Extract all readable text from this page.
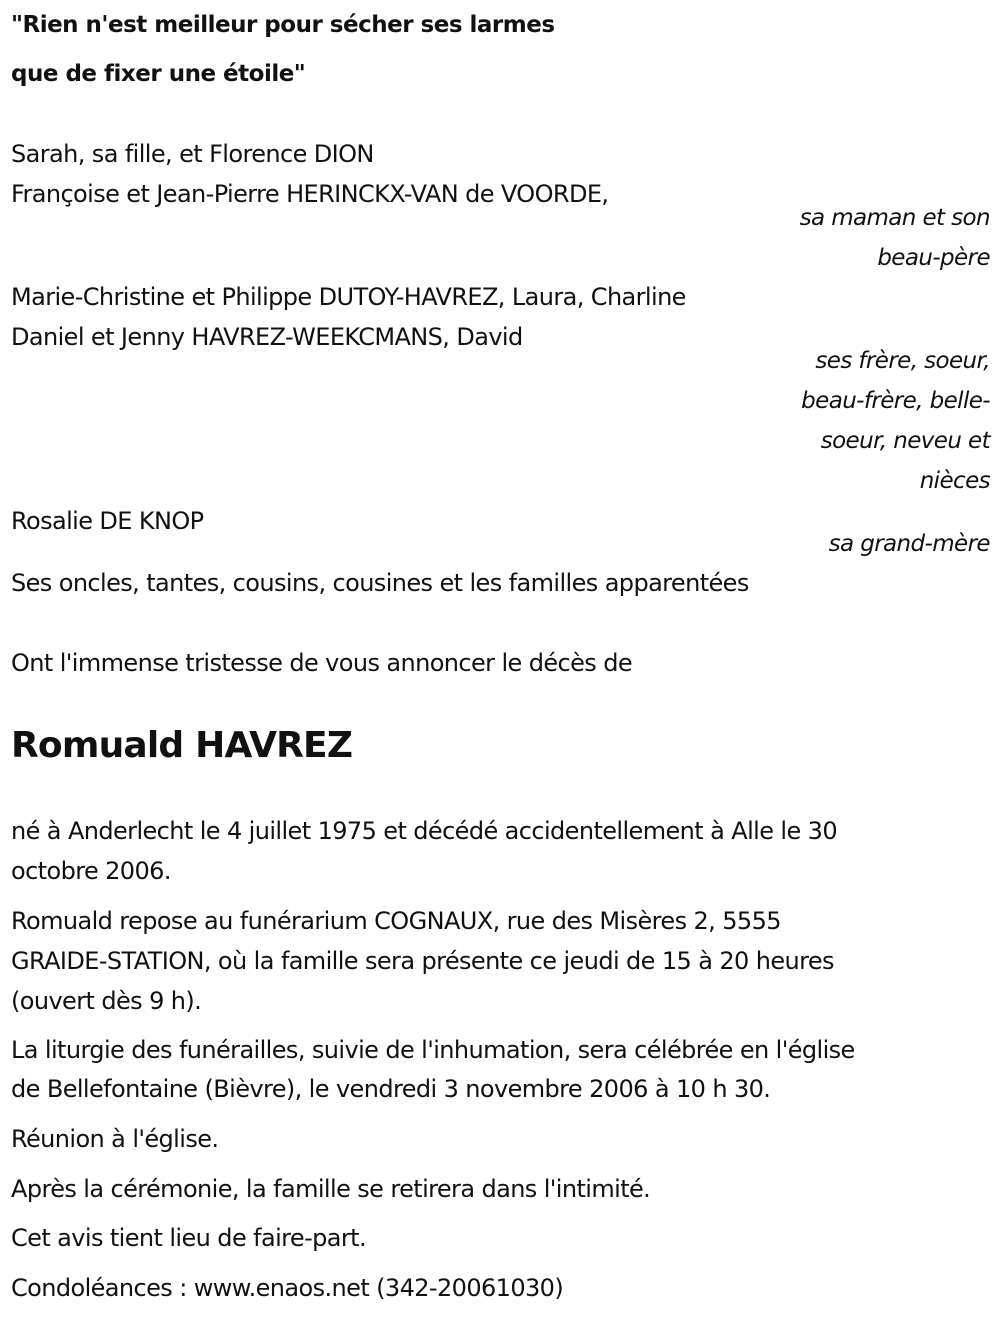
"Rien n'est meilleur pour sécher ses larmes
que de fixer une étoile"
Sarah, sa fille, et Florence DION
Françoise et Jean-Pierre HERINCKX-VAN de VOORDE,
sa maman et son
beau-père
Marie-Christine et Philippe DUTOY-HAVREZ, Laura, Charline
Daniel et Jenny HAVREZ-WEEKCMANS, David
ses frère, soeur,
beau-frère, belle-
soeur, neveu et
nièces
Rosalie DE KNOP
sa grand-mère
Ses oncles, tantes, cousins, cousines et les familles apparentées
Ont l'immense tristesse de vous annoncer le décès de
Romuald HAVREZ
né à Anderlecht le 4 juillet 1975 et décédé accidentellement à Alle le 30
octobre 2006.
Romuald repose au funérarium COGNAUX, rue des Misères 2, 5555
GRAIDE-STATION, où la famille sera présente ce jeudi de 15 à 20 heures
(ouvert dès 9 h).
La liturgie des funérailles, suivie de l'inhumation, sera célébrée en l'église
de Bellefontaine (Bièvre), le vendredi 3 novembre 2006 à 10 h 30.
Réunion à l'église.
Après la cérémonie, la famille se retirera dans l'intimité.
Cet avis tient lieu de faire-part.
Condoléances : www.enaos.net (342-20061030)
